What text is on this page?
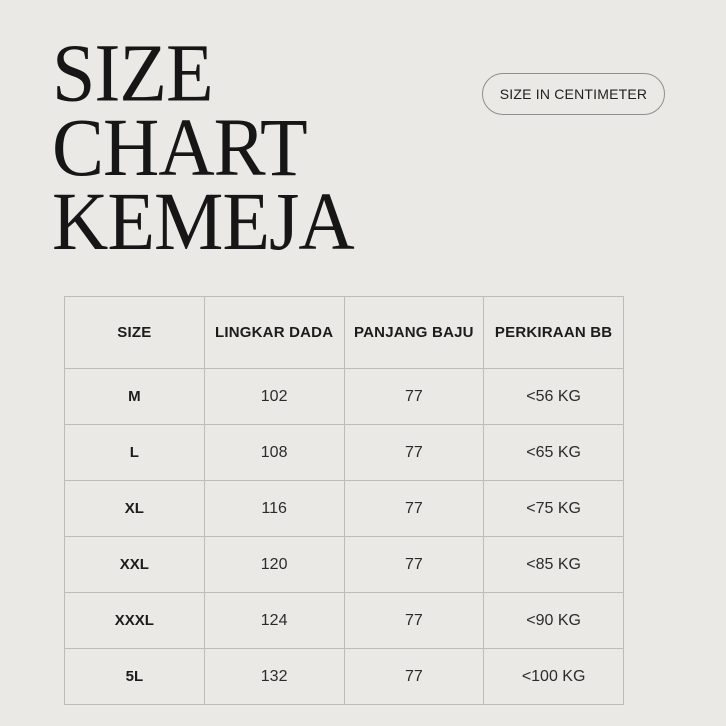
SIZE
CHART
KEMEJA
SIZE IN CENTIMETER
SIZE	LINGKAR DADA	PANJANG BAJU	PERKIRAAN BB
M	102	77	<56 KG
L	108	77	<65 KG
XL	116	77	<75 KG
XXL	120	77	<85 KG
XXXL	124	77	<90 KG
5L	132	77	<100 KG
